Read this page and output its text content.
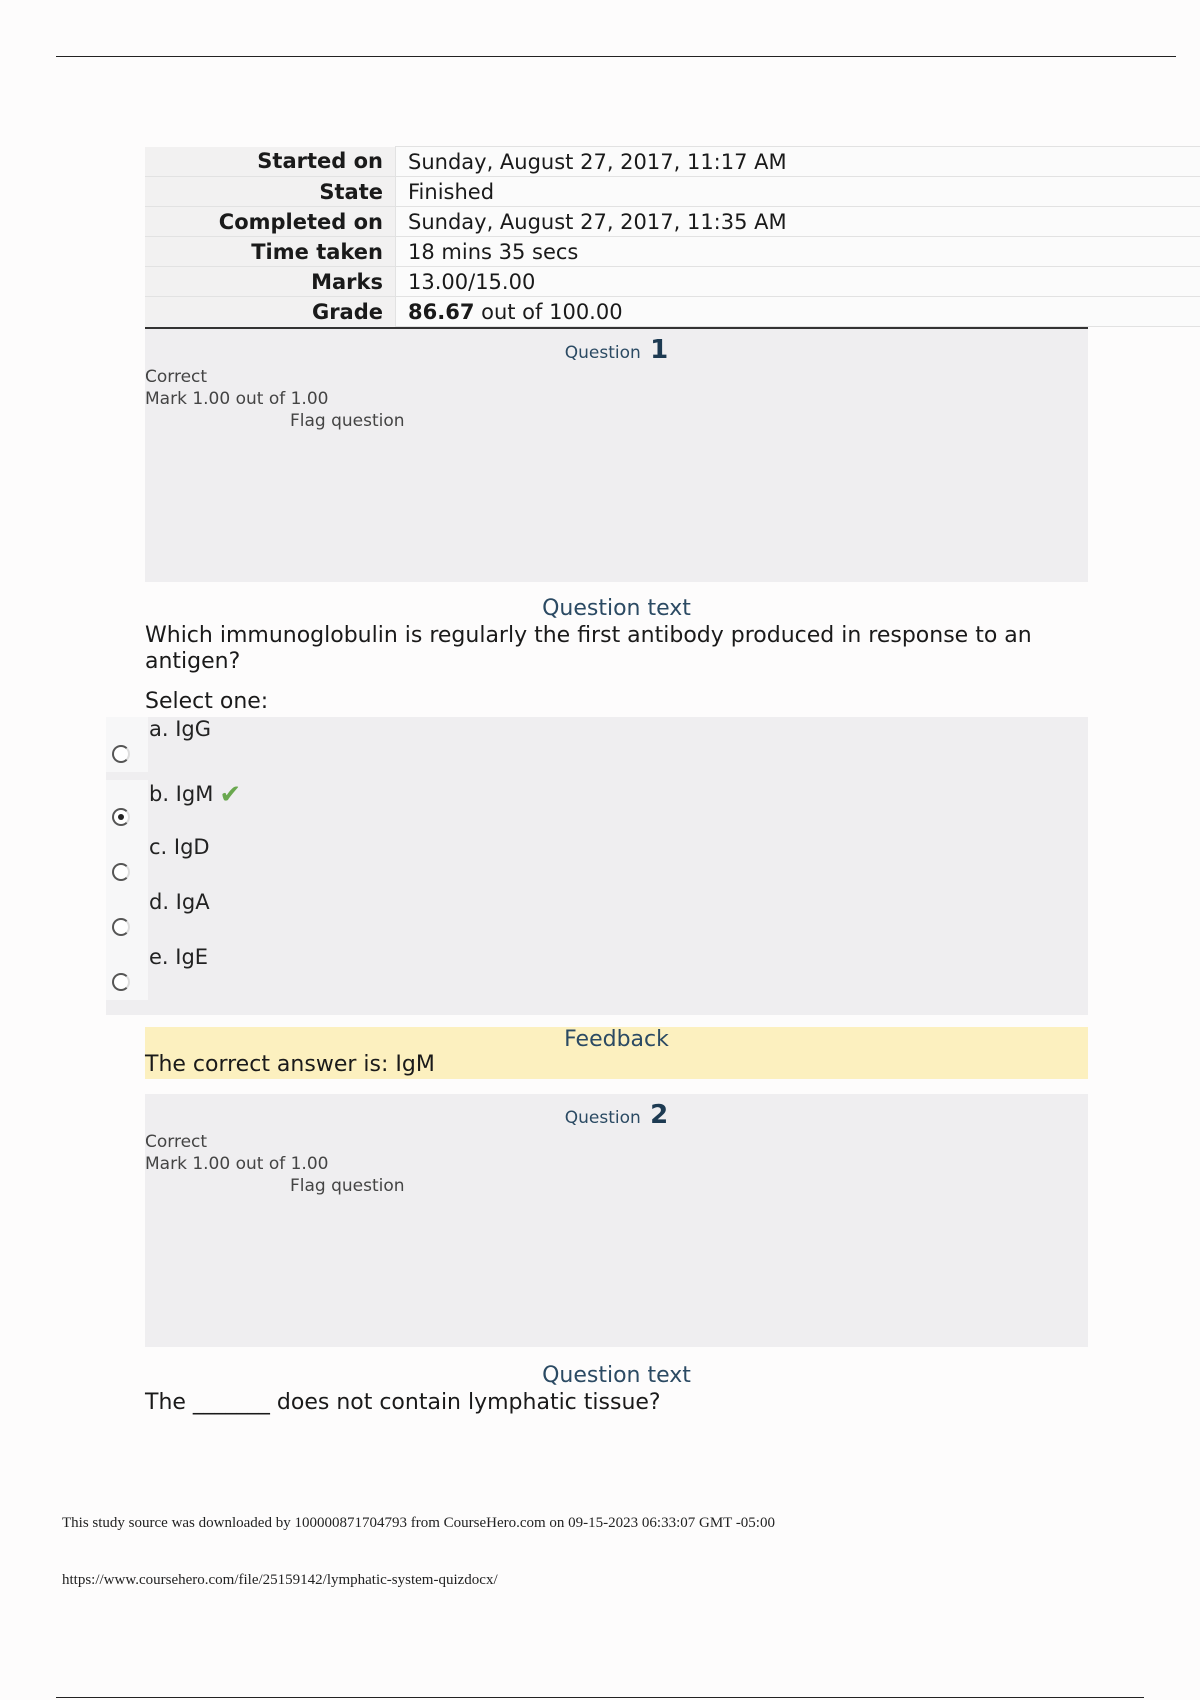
Started on	Sunday, August 27, 2017, 11:17 AM
State	Finished
Completed on	Sunday, August 27, 2017, 11:35 AM
Time taken	18 mins 35 secs
Marks	13.00/15.00
Grade	86.67 out of 100.00
Question 1
Correct
Mark 1.00 out of 1.00
Flag question
Question text
Which immunoglobulin is regularly the first antibody produced in response to an antigen?
Select one:
a. IgG
b. IgM ✔
c. IgD
d. IgA
e. IgE
Feedback
The correct answer is: IgM
Question 2
Correct
Mark 1.00 out of 1.00
Flag question
Question text
The _______ does not contain lymphatic tissue?
This study source was downloaded by 100000871704793 from CourseHero.com on 09-15-2023 06:33:07 GMT -05:00
https://www.coursehero.com/file/25159142/lymphatic-system-quizdocx/
